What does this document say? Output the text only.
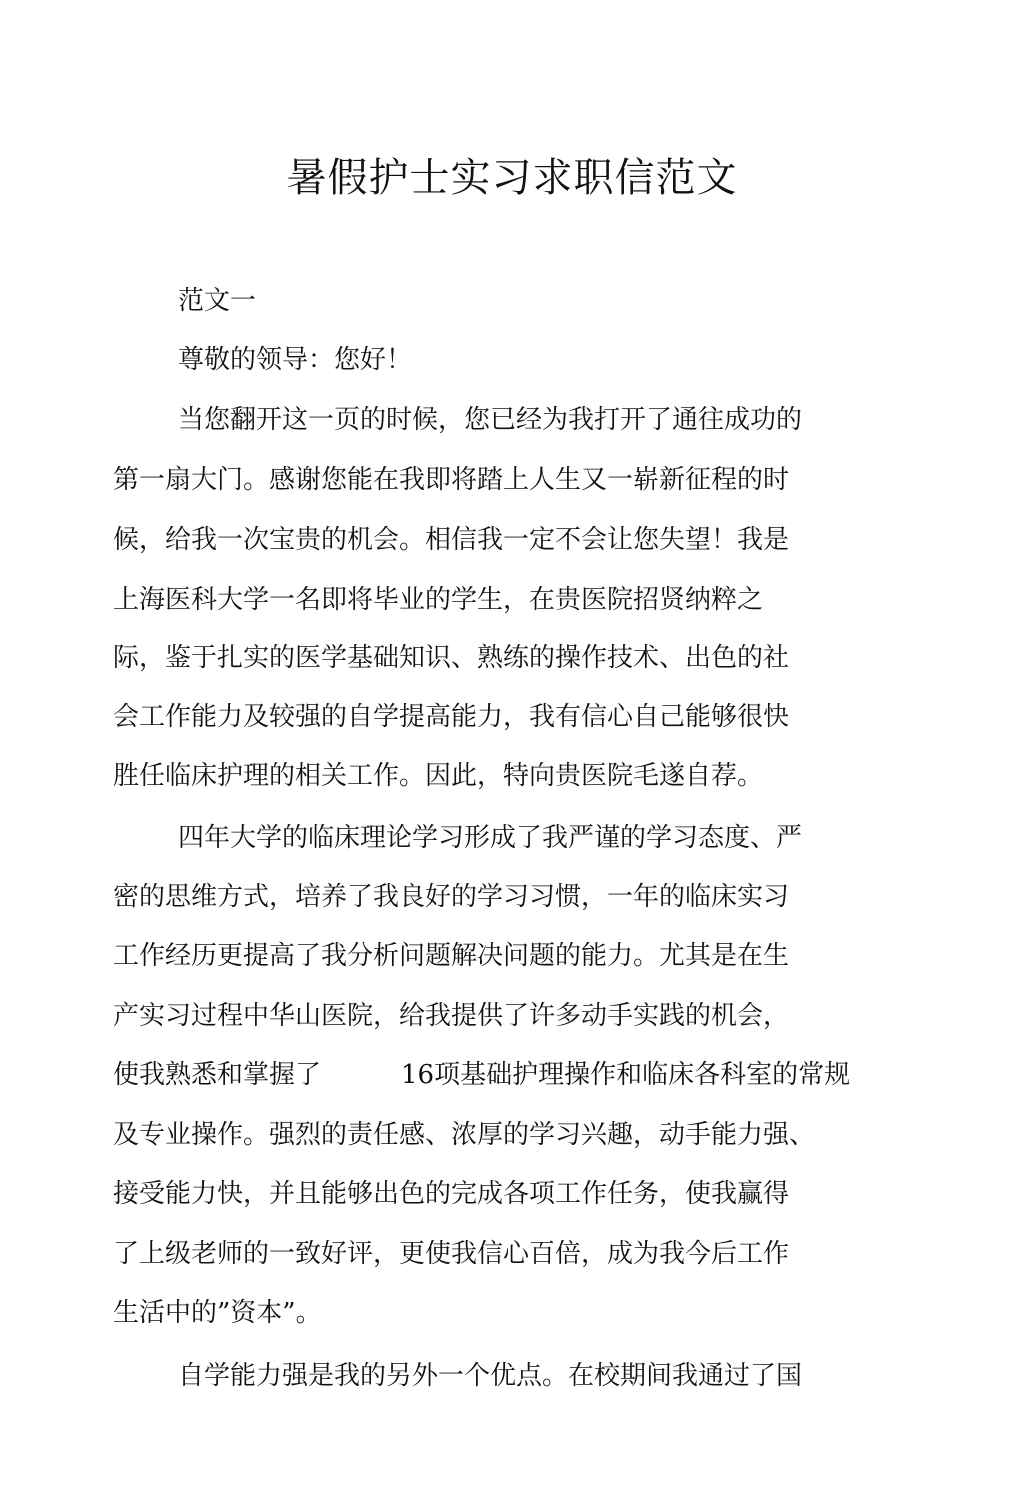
暑假护士实习求职信范文
范文一
尊敬的领导：您好！
当您翻开这一页的时候，您已经为我打开了通往成功的
第一扇大门。感谢您能在我即将踏上人生又一崭新征程的时
候，给我一次宝贵的机会。相信我一定不会让您失望！我是
上海医科大学一名即将毕业的学生，在贵医院招贤纳粹之
际，鉴于扎实的医学基础知识、熟练的操作技术、出色的社
会工作能力及较强的自学提高能力，我有信心自己能够很快
胜任临床护理的相关工作。因此，特向贵医院毛遂自荐。
四年大学的临床理论学习形成了我严谨的学习态度、严
密的思维方式，培养了我良好的学习习惯，一年的临床实习
工作经历更提高了我分析问题解决问题的能力。尤其是在生
产实习过程中华山医院，给我提供了许多动手实践的机会，
使我熟悉和掌握了	16项基础护理操作和临床各科室的常规
及专业操作。强烈的责任感、浓厚的学习兴趣，动手能力强、
接受能力快，并且能够出色的完成各项工作任务，使我赢得
了上级老师的一致好评，更使我信心百倍，成为我今后工作
生活中的”资本”。
自学能力强是我的另外一个优点。在校期间我通过了国
